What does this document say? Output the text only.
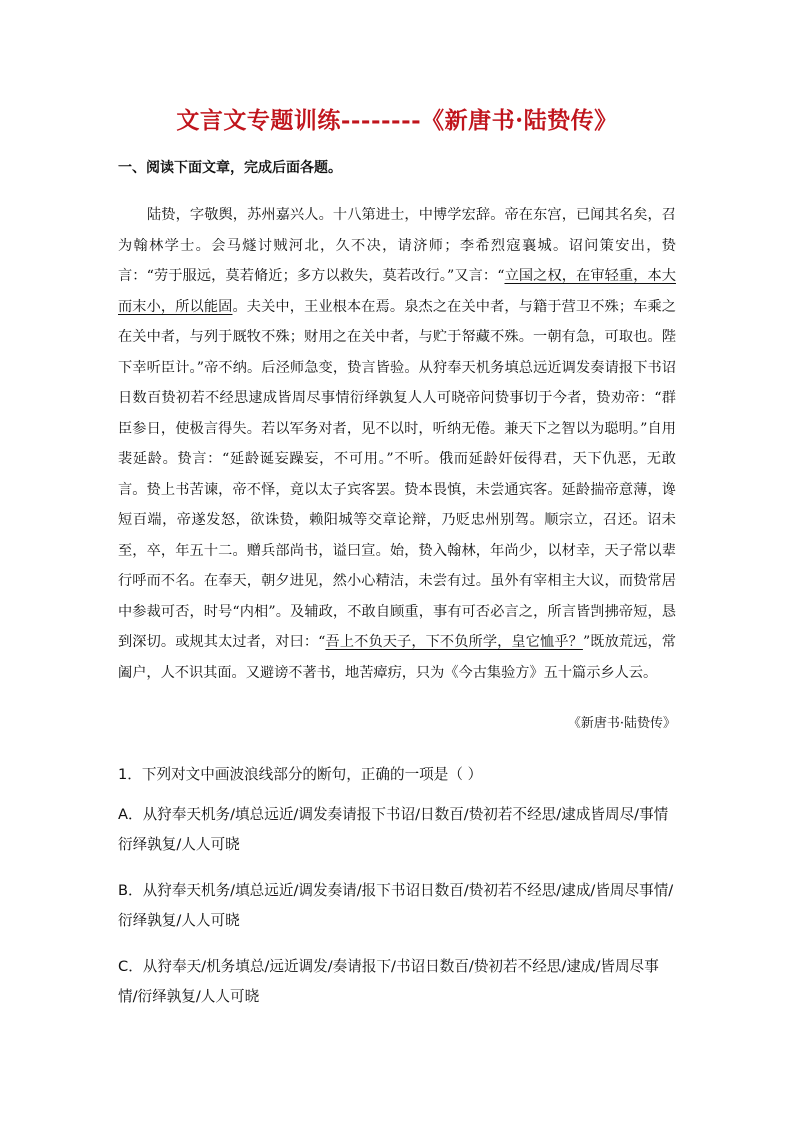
文言文专题训练--------《新唐书·陆贽传》
一、阅读下面文章，完成后面各题。
陆贽，字敬舆，苏州嘉兴人。十八第进士，中博学宏辞。帝在东宫，已闻其名矣，召为翰林学士。会马燧讨贼河北，久不决，请济师；李希烈寇襄城。诏问策安出，贽言：“劳于服远，莫若脩近；多方以救失，莫若改行。”又言：“立国之权，在审轻重，本大而末小，所以能固。夫关中，王业根本在焉。泉杰之在关中者，与籍于营卫不殊；车乘之在关中者，与列于厩牧不殊；财用之在关中者，与贮于帑藏不殊。一朝有急，可取也。陛下幸听臣计。”帝不纳。后泾师急变，贽言皆验。从狩奉天机务填总远近调发奏请报下书诏日数百贽初若不经思逮成皆周尽事情衍绎孰复人人可晓帝问贽事切于今者，贽劝帝：“群臣参日，使极言得失。若以军务对者，见不以时，听纳无倦。兼天下之智以为聪明。”自用裴延龄。贽言：“延龄诞妄躁妄，不可用。”不听。俄而延龄奸佞得君，天下仇恶，无敢言。贽上书苦谏，帝不怿，竟以太子宾客罢。贽本畏慎，未尝通宾客。延龄揣帝意薄，谗短百端，帝遂发怒，欲诛贽，赖阳城等交章论辩，乃贬忠州别驾。顺宗立，召还。诏未至，卒，年五十二。赠兵部尚书，谥曰宣。始，贽入翰林，年尚少，以材幸，天子常以辈行呼而不名。在奉天，朝夕进见，然小心精洁，未尝有过。虽外有宰相主大议，而贽常居中参裁可否，时号“内相”。及辅政，不敢自顾重，事有可否必言之，所言皆剀拂帝短，恳到深切。或规其太过者，对曰：“吾上不负天子，下不负所学，皇它恤乎？”既放荒远，常阖户，人不识其面。又避谤不著书，地苦瘴疠，只为《今古集验方》五十篇示乡人云。
《新唐书·陆贽传》
1．下列对文中画波浪线部分的断句，正确的一项是（ ）
A．从狩奉天机务/填总远近/调发奏请报下书诏/日数百/贽初若不经思/逮成皆周尽/事情衍绎孰复/人人可晓
B．从狩奉天机务/填总远近/调发奏请/报下书诏日数百/贽初若不经思/逮成/皆周尽事情/衍绎孰复/人人可晓
C．从狩奉天/机务填总/远近调发/奏请报下/书诏日数百/贽初若不经思/逮成/皆周尽事情/衍绎孰复/人人可晓
